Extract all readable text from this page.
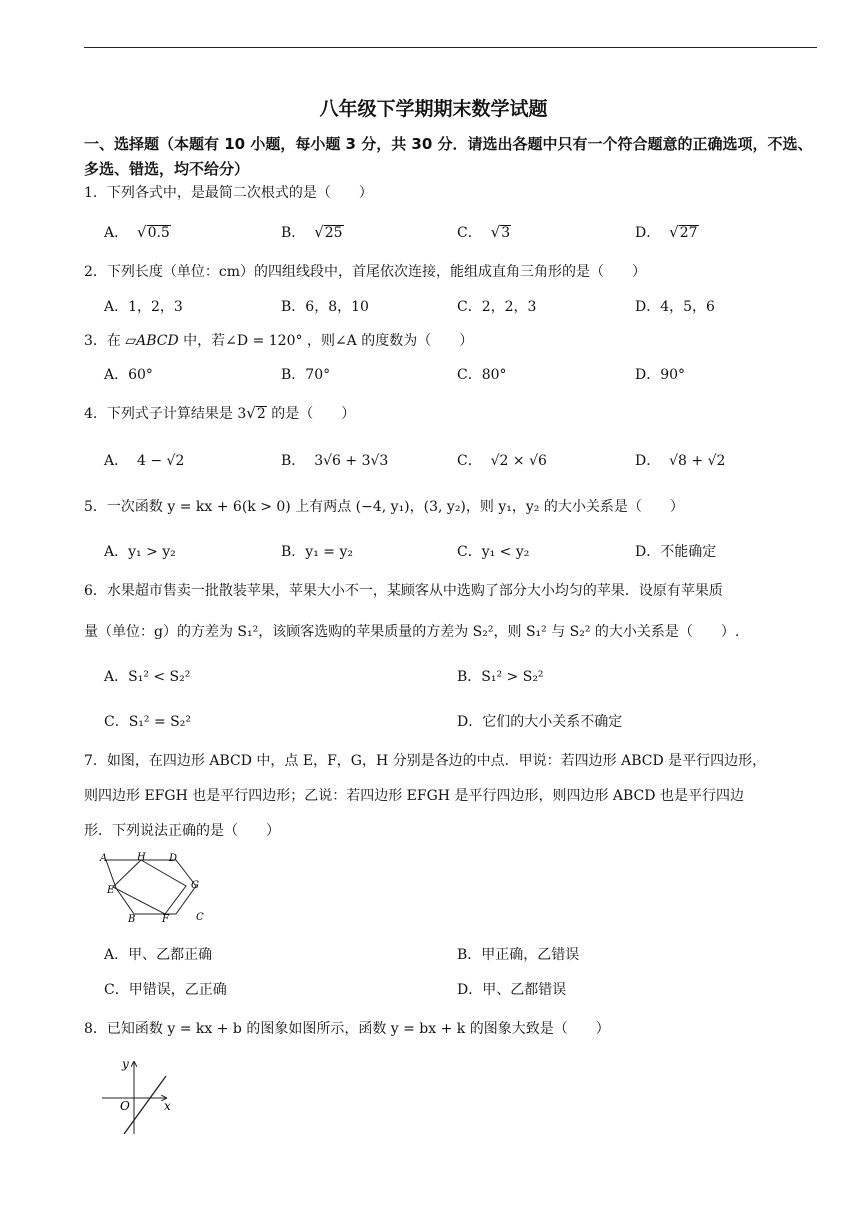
八年级下学期期末数学试题
一、选择题（本题有 10 小题，每小题 3 分，共 30 分．请选出各题中只有一个符合题意的正确选项，不选、多选、错选，均不给分）
1．下列各式中，是最简二次根式的是（　　）
A．  √0.5	B．  √25	C．  √3	D．  √27
2．下列长度（单位：cm）的四组线段中，首尾依次连接，能组成直角三角形的是（　　）
A．1，2，3	B．6，8，10	C．2，2，3	D．4，5，6
3．在 ▱ABCD 中，若∠D = 120° ，则∠A 的度数为（　　）
A．60°	B．70°	C．80°	D．90°
4．下列式子计算结果是 3√2 的是（　　）
A．  4 − √2	B．  3√6 + 3√3	C．  √2 × √6	D．  √8 + √2
5．一次函数 y = kx + 6(k > 0) 上有两点 (−4, y₁)，(3, y₂)，则 y₁，y₂ 的大小关系是（　　）
A．y₁ > y₂	B．y₁ = y₂	C．y₁ < y₂	D．不能确定
6．水果超市售卖一批散装苹果，苹果大小不一，某顾客从中选购了部分大小均匀的苹果．设原有苹果质
量（单位：g）的方差为 S₁²，该顾客选购的苹果质量的方差为 S₂²，则 S₁² 与 S₂² 的大小关系是（　　）.
A．S₁² < S₂²	B．S₁² > S₂²
C．S₁² = S₂²	D．它们的大小关系不确定
7．如图，在四边形 ABCD 中，点 E，F，G，H 分别是各边的中点．甲说：若四边形 ABCD 是平行四边形，
则四边形 EFGH 也是平行四边形；乙说：若四边形 EFGH 是平行四边形，则四边形 ABCD 也是平行四边
形．下列说法正确的是（　　）
A	H D
E	G
B	F	C
A．甲、乙都正确	B．甲正确，乙错误
C．甲错误，乙正确	D．甲、乙都错误
8．已知函数 y = kx + b 的图象如图所示，函数 y = bx + k 的图象大致是（　　）
y
O	x
